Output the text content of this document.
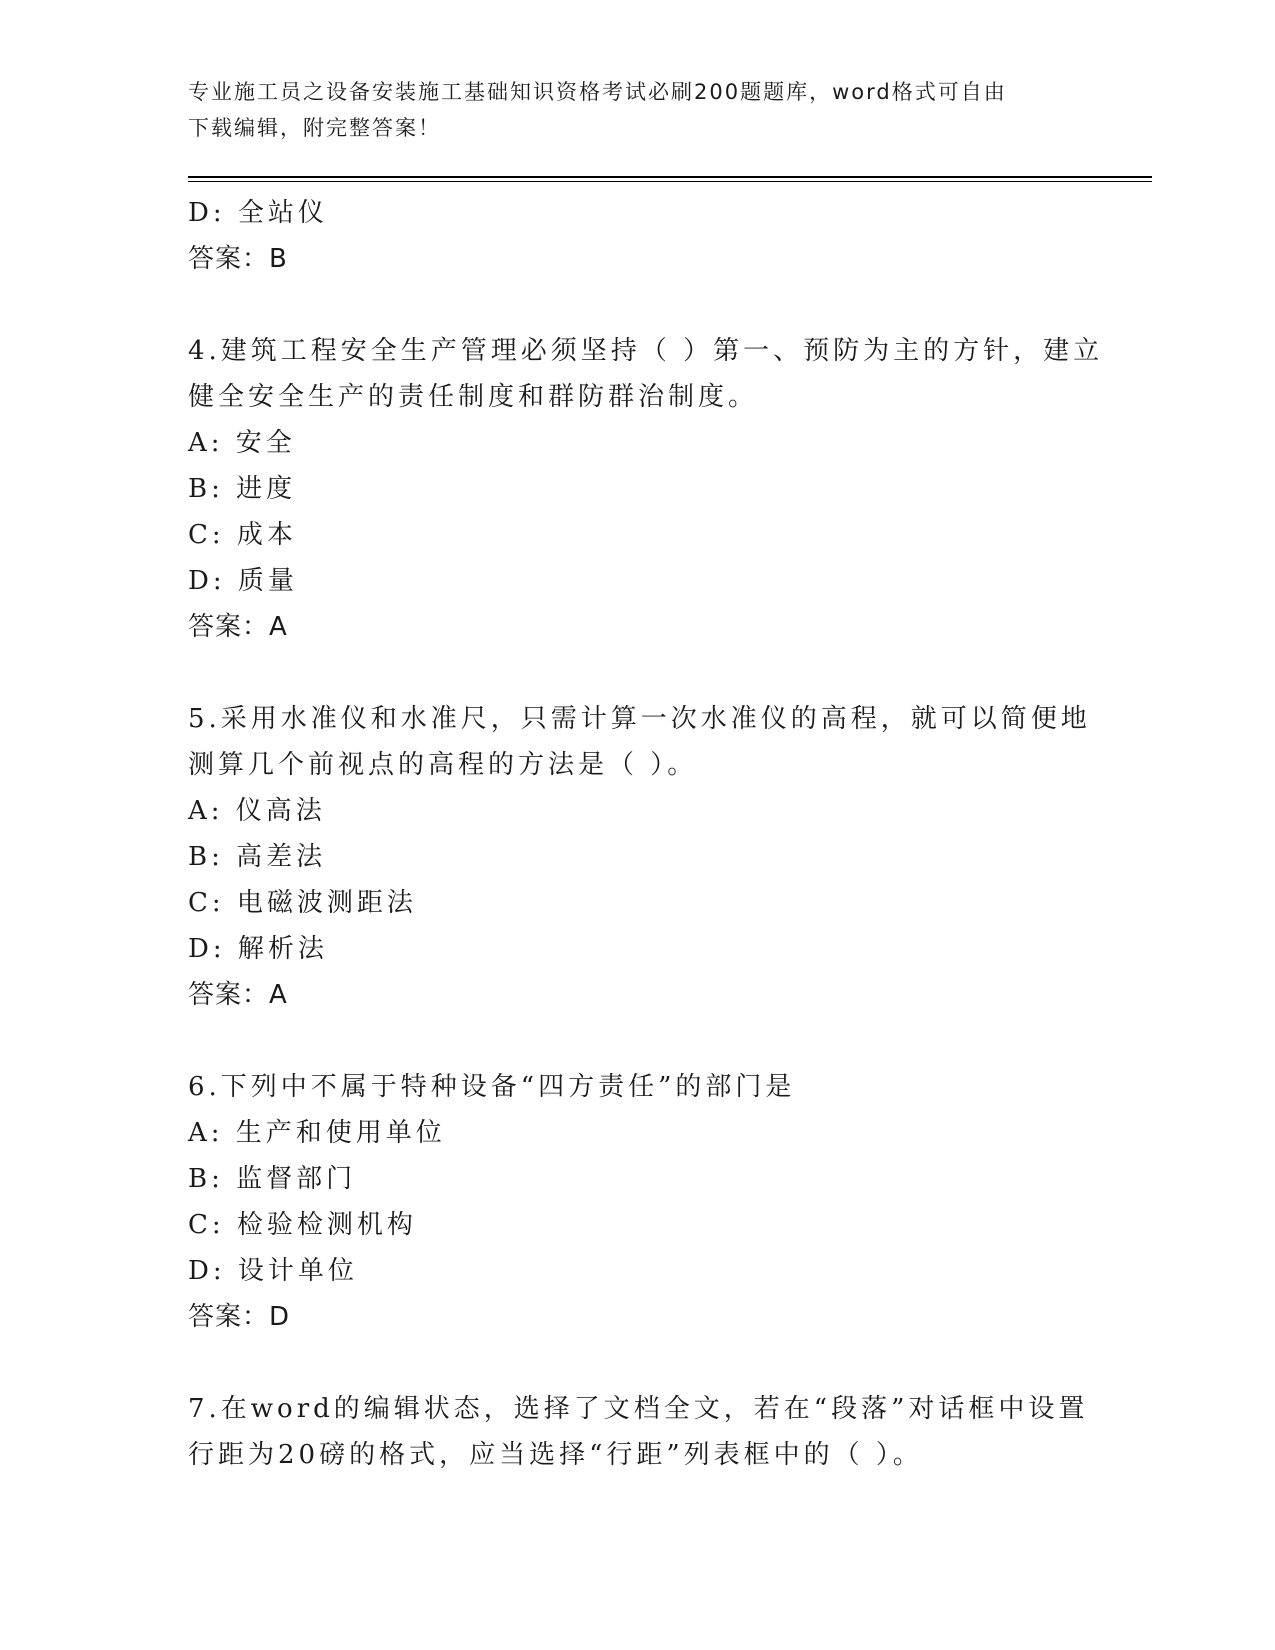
专业施工员之设备安装施工基础知识资格考试必刷200题题库，word格式可自由
下载编辑，附完整答案！
D: 全站仪
答案：B
4.建筑工程安全生产管理必须坚持（ ）第一、预防为主的方针，建立
健全安全生产的责任制度和群防群治制度。
A: 安全
B: 进度
C: 成本
D: 质量
答案：A
5.采用水准仪和水准尺，只需计算一次水准仪的高程，就可以简便地
测算几个前视点的高程的方法是（ ）。
A: 仪高法
B: 高差法
C: 电磁波测距法
D: 解析法
答案：A
6.下列中不属于特种设备“四方责任”的部门是
A: 生产和使用单位
B: 监督部门
C: 检验检测机构
D: 设计单位
答案：D
7.在word的编辑状态，选择了文档全文，若在“段落”对话框中设置
行距为20磅的格式，应当选择“行距”列表框中的（ ）。
